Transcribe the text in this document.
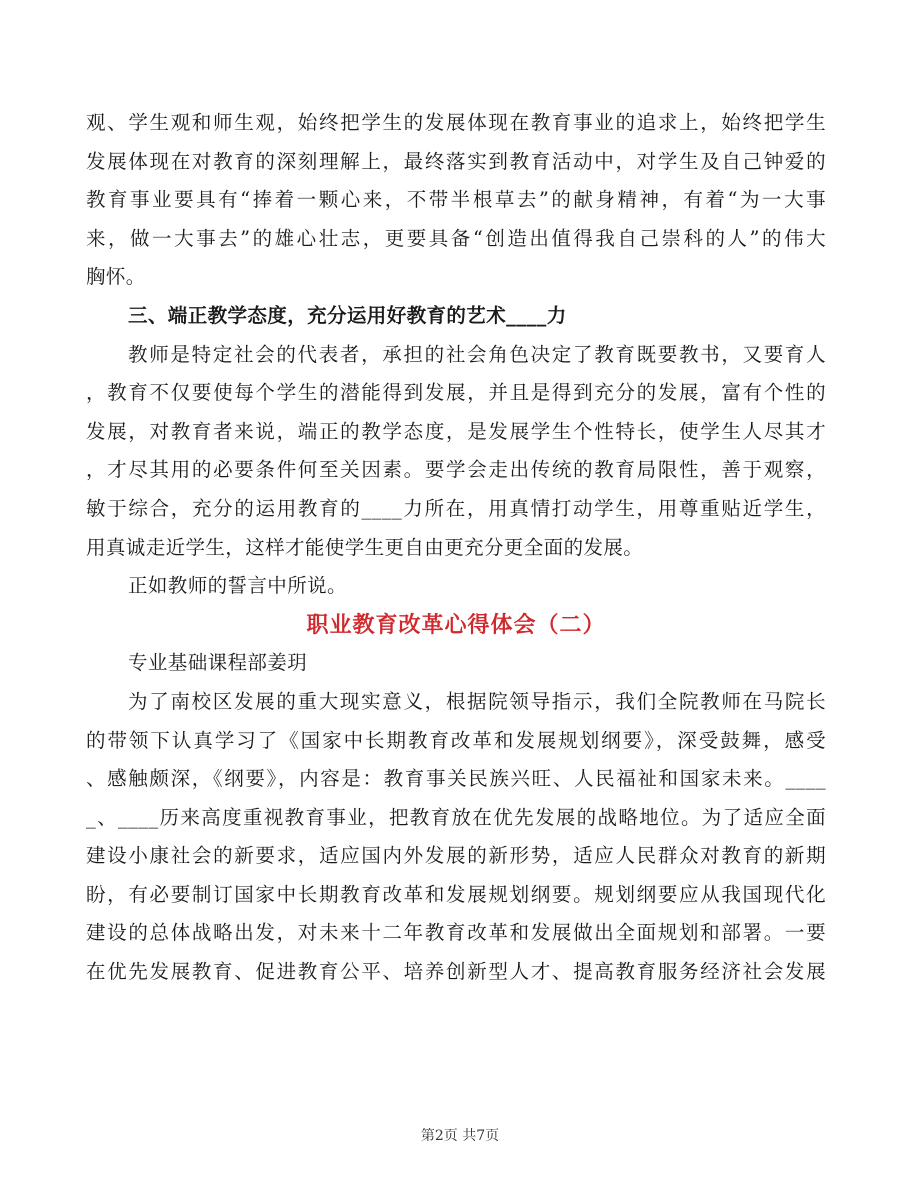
观、学生观和师生观，始终把学生的发展体现在教育事业的追求上，始终把学生
发展体现在对教育的深刻理解上，最终落实到教育活动中，对学生及自己钟爱的
教育事业要具有“捧着一颗心来，不带半根草去”的献身精神，有着“为一大事
来，做一大事去”的雄心壮志，更要具备“创造出值得我自己崇科的人”的伟大
胸怀。
三、端正教学态度，充分运用好教育的艺术____力
教师是特定社会的代表者，承担的社会角色决定了教育既要教书，又要育人
，教育不仅要使每个学生的潜能得到发展，并且是得到充分的发展，富有个性的
发展，对教育者来说，端正的教学态度，是发展学生个性特长，使学生人尽其才
，才尽其用的必要条件何至关因素。要学会走出传统的教育局限性，善于观察，
敏于综合，充分的运用教育的____力所在，用真情打动学生，用尊重贴近学生，
用真诚走近学生，这样才能使学生更自由更充分更全面的发展。
正如教师的誓言中所说。
职业教育改革心得体会（二）
专业基础课程部姜玥
为了南校区发展的重大现实意义，根据院领导指示，我们全院教师在马院长
的带领下认真学习了《国家中长期教育改革和发展规划纲要》，深受鼓舞，感受
、感触颇深，《纲要》，内容是：教育事关民族兴旺、人民福祉和国家未来。____
_、____历来高度重视教育事业，把教育放在优先发展的战略地位。为了适应全面
建设小康社会的新要求，适应国内外发展的新形势，适应人民群众对教育的新期
盼，有必要制订国家中长期教育改革和发展规划纲要。规划纲要应从我国现代化
建设的总体战略出发，对未来十二年教育改革和发展做出全面规划和部署。一要
在优先发展教育、促进教育公平、培养创新型人才、提高教育服务经济社会发展
第2页 共7页
